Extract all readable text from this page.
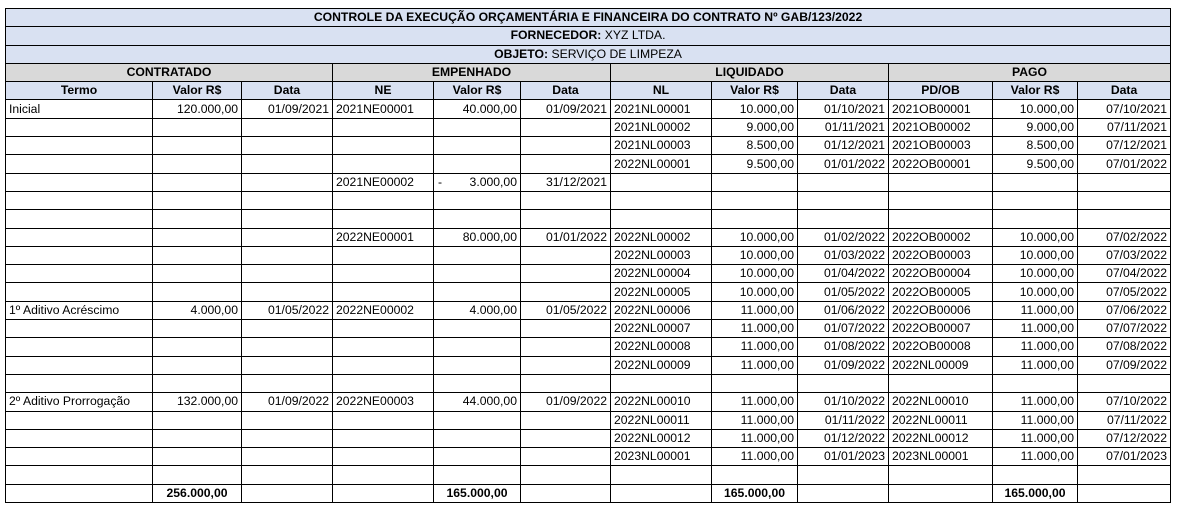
CONTROLE DA EXECUÇÃO ORÇAMENTÁRIA E FINANCEIRA DO CONTRATO Nº GAB/123/2022											
FORNECEDOR: XYZ LTDA.											
OBJETO: SERVIÇO DE LIMPEZA											
CONTRATADO			EMPENHADO			LIQUIDADO			PAGO		
Termo	Valor R$	Data	NE	Valor R$	Data	NL	Valor R$	Data	PD/OB	Valor R$	Data
Inicial	120.000,00	01/09/2021	2021NE00001	40.000,00	01/09/2021	2021NL00001	10.000,00	01/10/2021	2021OB00001	10.000,00	07/10/2021
						2021NL00002	9.000,00	01/11/2021	2021OB00002	9.000,00	07/11/2021
						2021NL00003	8.500,00	01/12/2021	2021OB00003	8.500,00	07/12/2021
						2022NL00001	9.500,00	01/01/2022	2022OB00001	9.500,00	07/01/2022
			2021NE00002	- 3.000,00	31/12/2021						

			2022NE00001	80.000,00	01/01/2022	2022NL00002	10.000,00	01/02/2022	2022OB00002	10.000,00	07/02/2022
						2022NL00003	10.000,00	01/03/2022	2022OB00003	10.000,00	07/03/2022
						2022NL00004	10.000,00	01/04/2022	2022OB00004	10.000,00	07/04/2022
						2022NL00005	10.000,00	01/05/2022	2022OB00005	10.000,00	07/05/2022
1º Aditivo Acréscimo	4.000,00	01/05/2022	2022NE00002	4.000,00	01/05/2022	2022NL00006	11.000,00	01/06/2022	2022OB00006	11.000,00	07/06/2022
						2022NL00007	11.000,00	01/07/2022	2022OB00007	11.000,00	07/07/2022
						2022NL00008	11.000,00	01/08/2022	2022OB00008	11.000,00	07/08/2022
						2022NL00009	11.000,00	01/09/2022	2022NL00009	11.000,00	07/09/2022

2º Aditivo Prorrogação	132.000,00	01/09/2022	2022NE00003	44.000,00	01/09/2022	2022NL00010	11.000,00	01/10/2022	2022NL00010	11.000,00	07/10/2022
						2022NL00011	11.000,00	01/11/2022	2022NL00011	11.000,00	07/11/2022
						2022NL00012	11.000,00	01/12/2022	2022NL00012	11.000,00	07/12/2022
						2023NL00001	11.000,00	01/01/2023	2023NL00001	11.000,00	07/01/2023

	256.000,00			165.000,00			165.000,00			165.000,00	
